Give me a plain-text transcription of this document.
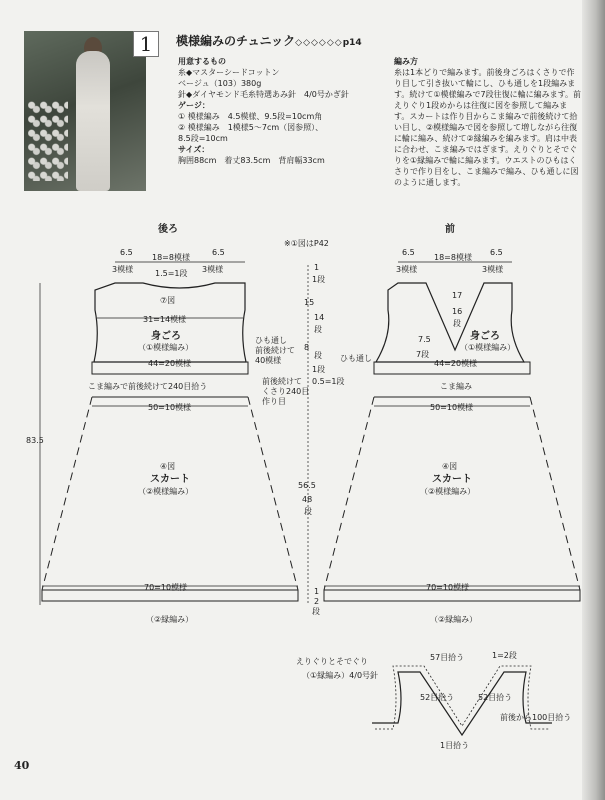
1	模様編みのチュニック◇◇◇◇◇◇p14
用意するもの
糸◆マスターシードコットン
ベージュ（103）380g
針◆ダイヤモンド毛糸特選あみ針　4/0号かぎ針
ゲージ：
① 模様編み　4.5模様、9.5段=10cm角
② 模様編み　1模様5～7cm（図参照）、
8.5段=10cm
サイズ：
胸囲88cm　着丈83.5cm　背肩幅33cm
編み方

糸は1本どりで編みます。前後身ごろはくさりで作り目して引き抜いて輪にし、ひも通しを1段編みます。続けて①模様編みで7段往復に輪に編みます。前えりぐり1段めからは往復に図を参照して編みます。スカートは作り目からこま編みで前後続けて拾い目し、②模様編みで図を参照して増しながら往復に輪に編み、続けて②縁編みを編みます。肩は中表に合わせ、こま編みではぎます。えりぐりとそでぐりを①縁編みで輪に編みます。ウエストのひもはくさりで作り目をし、こま編みで編み、ひも通しに図のように通します。

後ろ	前
※①図はP42
6.5
3模様
18=8模様
6.5
3模様
1.5=1段
⑦図
31=14模様
身ごろ
（①模様編み）
44=20模様
こま編みで前後続けて240目拾う
ひも通し
前後続けて
40模様
前後続けて
くさり240目
作り目
1
1段
15
14
段
8
段
1段
0.5=1段
83.5
56.5
48
段
1
2
段
50=10模様
④図
スカート
（②模様編み）
70=10模様
（②縁編み）
6.5
3模様
18=8模様
6.5
3模様
17
16
段
7.5
7段
身ごろ
（①模様編み）
44=20模様
ひも通し
こま編み
50=10模様
④図
スカート
（②模様編み）
70=10模様
（②縁編み）
えりぐりとそでぐり
（①縁編み）4/0号針
57目拾う	1=2段
52目拾う	52目拾う
1目拾う
前後から100目拾う
40
